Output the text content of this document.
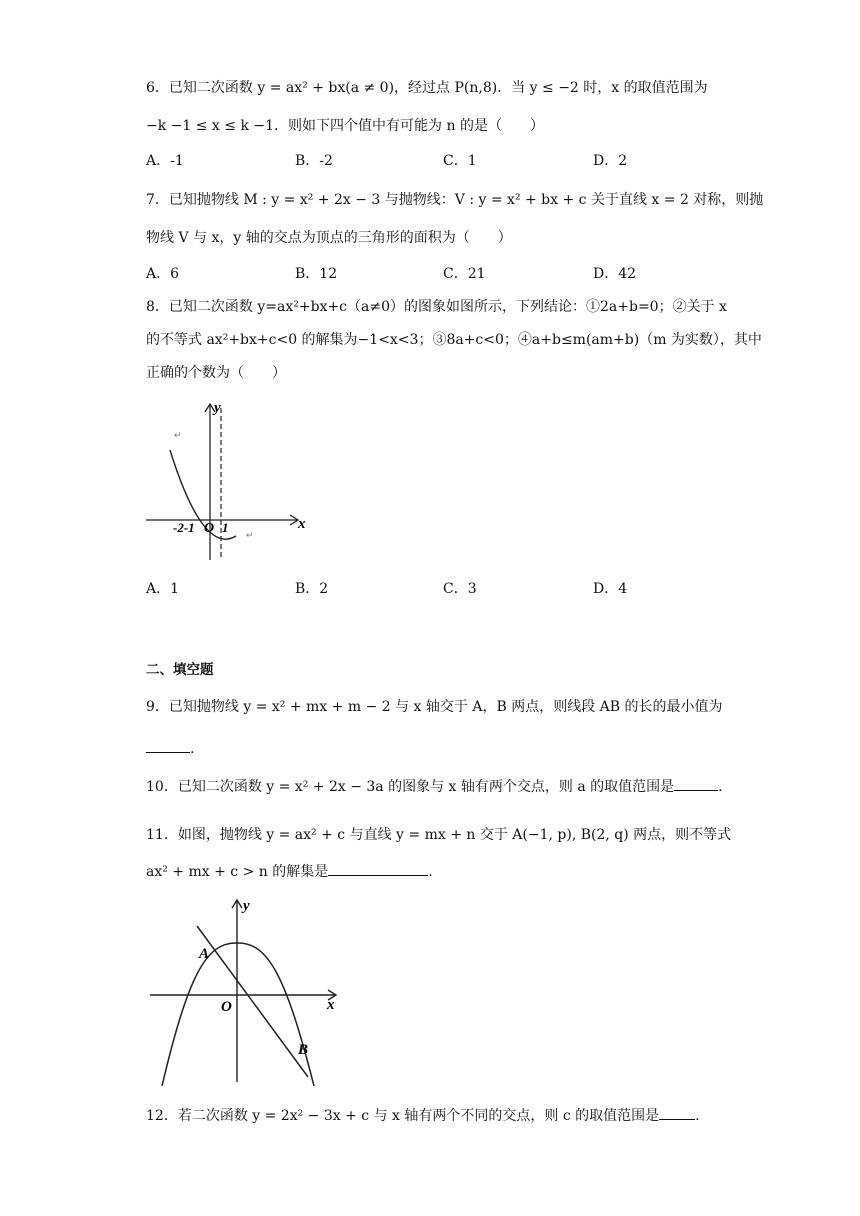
6．已知二次函数 y = ax² + bx(a ≠ 0)，经过点 P(n,8)．当 y ≤ −2 时，x 的取值范围为
−k −1 ≤ x ≤ k −1．则如下四个值中有可能为 n 的是（　　）
A．-1	B．-2	C．1	D．2
7．已知抛物线 M : y = x² + 2x − 3 与抛物线：V : y = x² + bx + c 关于直线 x = 2 对称，则抛
物线 V 与 x，y 轴的交点为顶点的三角形的面积为（　　）
A．6	B．12	C．21	D．42
8．已知二次函数 y=ax²+bx+c（a≠0）的图象如图所示，下列结论：①2a+b=0；②关于 x
的不等式 ax²+bx+c<0 的解集为−1<x<3；③8a+c<0；④a+b≤m(am+b)（m 为实数），其中
正确的个数为（　　）
y
x
O
-2-1 1
↵
↵
A．1	B．2	C．3	D．4
二、填空题
9．已知抛物线 y = x² + mx + m − 2 与 x 轴交于 A，B 两点，则线段 AB 的长的最小值为
.
10．已知二次函数 y = x² + 2x − 3a 的图象与 x 轴有两个交点，则 a 的取值范围是	.
11．如图，抛物线 y = ax² + c 与直线 y = mx + n 交于 A(−1, p), B(2, q) 两点，则不等式
ax² + mx + c > n 的解集是	.
y
x
O
A
B
12．若二次函数 y = 2x² − 3x + c 与 x 轴有两个不同的交点，则 c 的取值范围是	.
